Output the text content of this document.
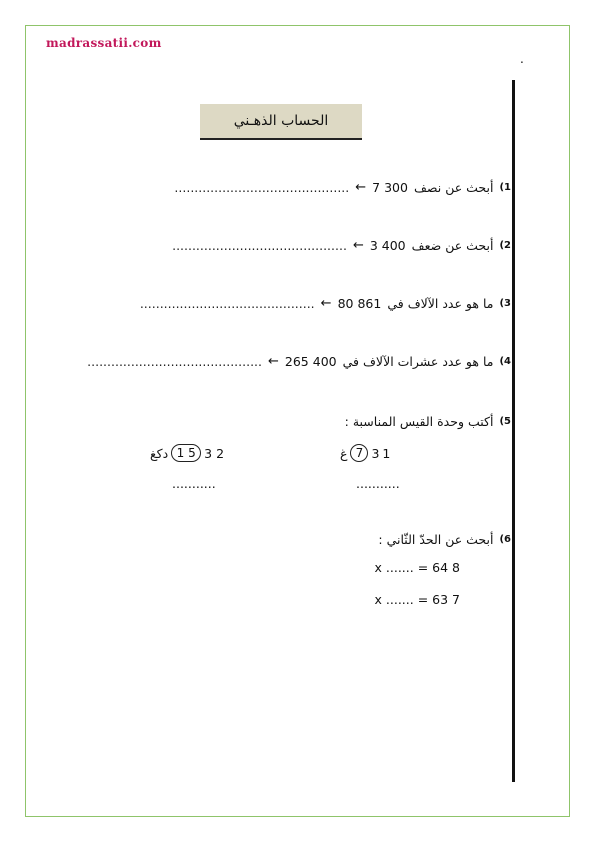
.
madrassatii.com
الحساب الذهـني
1)
أبحث عن نصف
7 300
←
............................................
2)
أبحث عن ضعف
3 400
←
............................................
3)
ما هو عدد الآلاف في
80 861
←
............................................
4)
ما هو عدد عشرات الآلاف في
265 400
←
............................................
5)
أكتب وحدة القيس المناسبة :
غ 7 3 1
...........
دكغ 1 5 3 2
...........
6)
أبحث عن الحدّ الثّاني :
8 x ....... = 64
7 x ....... = 63
